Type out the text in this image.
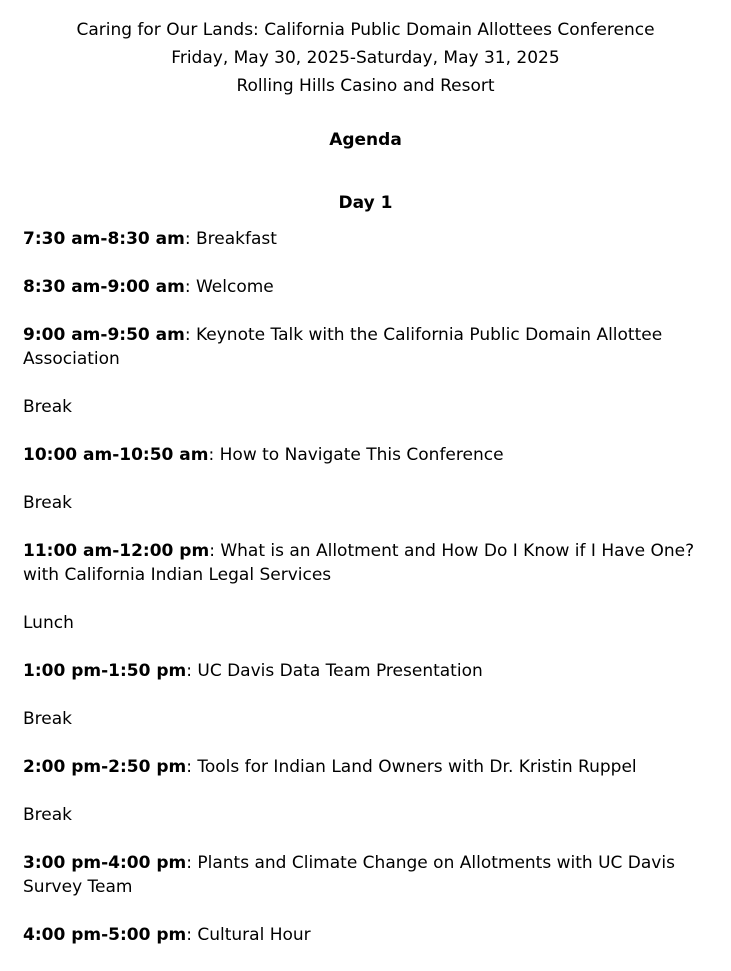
Caring for Our Lands: California Public Domain Allottees Conference
Friday, May 30, 2025-Saturday, May 31, 2025
Rolling Hills Casino and Resort
Agenda
Day 1
7:30 am-8:30 am: Breakfast
8:30 am-9:00 am: Welcome
9:00 am-9:50 am: Keynote Talk with the California Public Domain Allottee Association
Break
10:00 am-10:50 am: How to Navigate This Conference
Break
11:00 am-12:00 pm: What is an Allotment and How Do I Know if I Have One? with California Indian Legal Services
Lunch
1:00 pm-1:50 pm: UC Davis Data Team Presentation
Break
2:00 pm-2:50 pm: Tools for Indian Land Owners with Dr. Kristin Ruppel
Break
3:00 pm-4:00 pm: Plants and Climate Change on Allotments with UC Davis Survey Team
4:00 pm-5:00 pm: Cultural Hour
